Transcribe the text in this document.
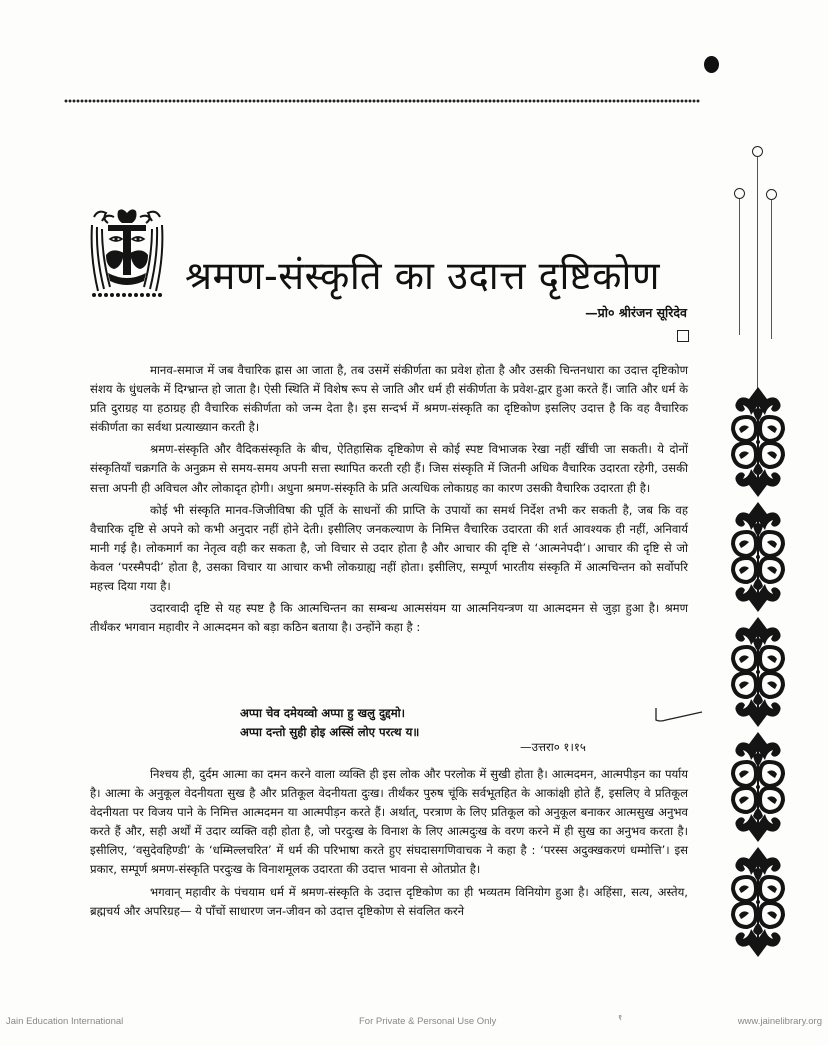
श्रमण-संस्कृति का उदात्त दृष्टिकोण
—प्रो० श्रीरंजन सूरिदेव

मानव-समाज में जब वैचारिक ह्रास आ जाता है, तब उसमें संकीर्णता का प्रवेश होता है और उसकी चिन्तनधारा का उदात्त दृष्टिकोण संशय के धुंधलके में दिग्भ्रान्त हो जाता है। ऐसी स्थिति में विशेष रूप से जाति और धर्म ही संकीर्णता के प्रवेश-द्वार हुआ करते हैं। जाति और धर्म के प्रति दुराग्रह या हठाग्रह ही वैचारिक संकीर्णता को जन्म देता है। इस सन्दर्भ में श्रमण-संस्कृति का दृष्टिकोण इसलिए उदात्त है कि वह वैचारिक संकीर्णता का सर्वथा प्रत्याख्यान करती है।

श्रमण-संस्कृति और वैदिकसंस्कृति के बीच, ऐतिहासिक दृष्टिकोण से कोई स्पष्ट विभाजक रेखा नहीं खींची जा सकती। ये दोनों संस्कृतियाँ चक्रगति के अनुक्रम से समय-समय अपनी सत्ता स्थापित करती रही हैं। जिस संस्कृति में जितनी अधिक वैचारिक उदारता रहेगी, उसकी सत्ता अपनी ही अविचल और लोकादृत होगी। अधुना श्रमण-संस्कृति के प्रति अत्यधिक लोकाग्रह का कारण उसकी वैचारिक उदारता ही है।

कोई भी संस्कृति मानव-जिजीविषा की पूर्ति के साधनों की प्राप्ति के उपायों का समर्थ निर्देश तभी कर सकती है, जब कि वह वैचारिक दृष्टि से अपने को कभी अनुदार नहीं होने देती। इसीलिए जनकल्याण के निमित्त वैचारिक उदारता की शर्त आवश्यक ही नहीं, अनिवार्य मानी गई है। लोकमार्ग का नेतृत्व वही कर सकता है, जो विचार से उदार होता है और आचार की दृष्टि से ‘आत्मनेपदी’। आचार की दृष्टि से जो केवल ‘परस्मैपदी’ होता है, उसका विचार या आचार कभी लोकग्राह्य नहीं होता। इसीलिए, सम्पूर्ण भारतीय संस्कृति में आत्मचिन्तन को सर्वोपरि महत्त्व दिया गया है।

उदारवादी दृष्टि से यह स्पष्ट है कि आत्मचिन्तन का सम्बन्ध आत्मसंयम या आत्मनियन्त्रण या आत्मदमन से जुड़ा हुआ है। श्रमण तीर्थंकर भगवान महावीर ने आत्मदमन को बड़ा कठिन बताया है। उन्होंने कहा है :

अप्पा चेव दमेयव्वो अप्पा हु खलु दुद्दमो।
अप्पा दन्तो सुही होइ अस्सिं लोए परत्थ य॥
—उत्तरा० १।१५

निश्चय ही, दुर्दम आत्मा का दमन करने वाला व्यक्ति ही इस लोक और परलोक में सुखी होता है। आत्मदमन, आत्मपीड़न का पर्याय है। आत्मा के अनुकूल वेदनीयता सुख है और प्रतिकूल वेदनीयता दुःख। तीर्थंकर पुरुष चूंकि सर्वभूतहित के आकांक्षी होते हैं, इसलिए वे प्रतिकूल वेदनीयता पर विजय पाने के निमित्त आत्मदमन या आत्मपीड़न करते हैं। अर्थात्, परत्राण के लिए प्रतिकूल को अनुकूल बनाकर आत्मसुख अनुभव करते हैं और, सही अर्थों में उदार व्यक्ति वही होता है, जो परदुःख के विनाश के लिए आत्मदुःख के वरण करने में ही सुख का अनुभव करता है। इसीलिए, ‘वसुदेवहिण्डी’ के ‘धम्मिल्लचरित’ में धर्म की परिभाषा करते हुए संघदासगणिवाचक ने कहा है : ‘परस्स अदुक्खकरणं धम्मोत्ति’। इस प्रकार, सम्पूर्ण श्रमण-संस्कृति परदुःख के विनाशमूलक उदारता की उदात्त भावना से ओतप्रोत है।

भगवान् महावीर के पंचयाम धर्म में श्रमण-संस्कृति के उदात्त दृष्टिकोण का ही भव्यतम विनियोग हुआ है। अहिंसा, सत्य, अस्तेय, ब्रह्मचर्य और अपरिग्रह— ये पाँचों साधारण जन-जीवन को उदात्त दृष्टिकोण से संवलित करने

१
Jain Education International	For Private & Personal Use Only	www.jainelibrary.org
